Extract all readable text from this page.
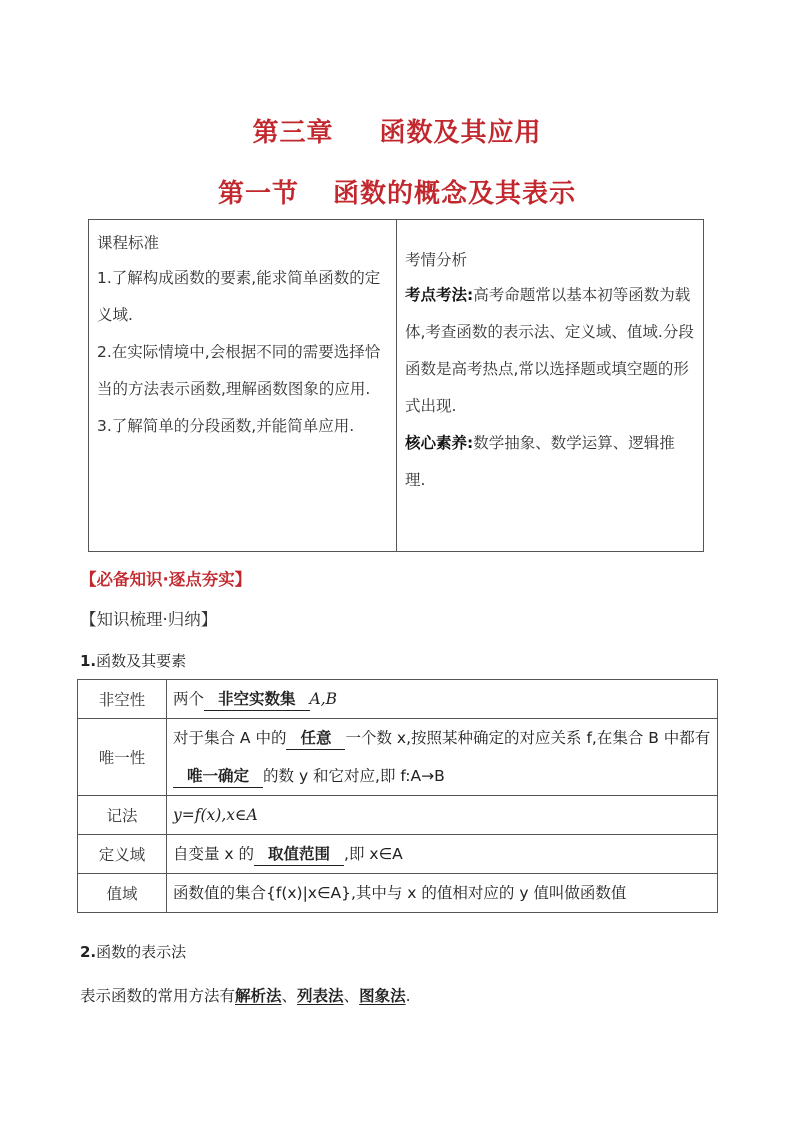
第三章 函数及其应用
第一节 函数的概念及其表示
课程标准
1.了解构成函数的要素,能求简单函数的定义域.
2.在实际情境中,会根据不同的需要选择恰当的方法表示函数,理解函数图象的应用.
3.了解简单的分段函数,并能简单应用.
考情分析
考点考法:高考命题常以基本初等函数为载体,考查函数的表示法、定义域、值域.分段函数是高考热点,常以选择题或填空题的形式出现.
核心素养:数学抽象、数学运算、逻辑推理.
【必备知识·逐点夯实】
【知识梳理·归纳】
1.函数及其要素
非空性	两个 非空实数集 A,B
唯一性	对于集合 A 中的 任意 一个数 x,按照某种确定的对应关系 f,在集合 B 中都有唯一确定 的数 y 和它对应,即 f:A→B
记法	y=f(x),x∈A
定义域	自变量 x 的 取值范围 ,即 x∈A
值域	函数值的集合{f(x)|x∈A},其中与 x 的值相对应的 y 值叫做函数值
2.函数的表示法
表示函数的常用方法有解析法、列表法、图象法.
